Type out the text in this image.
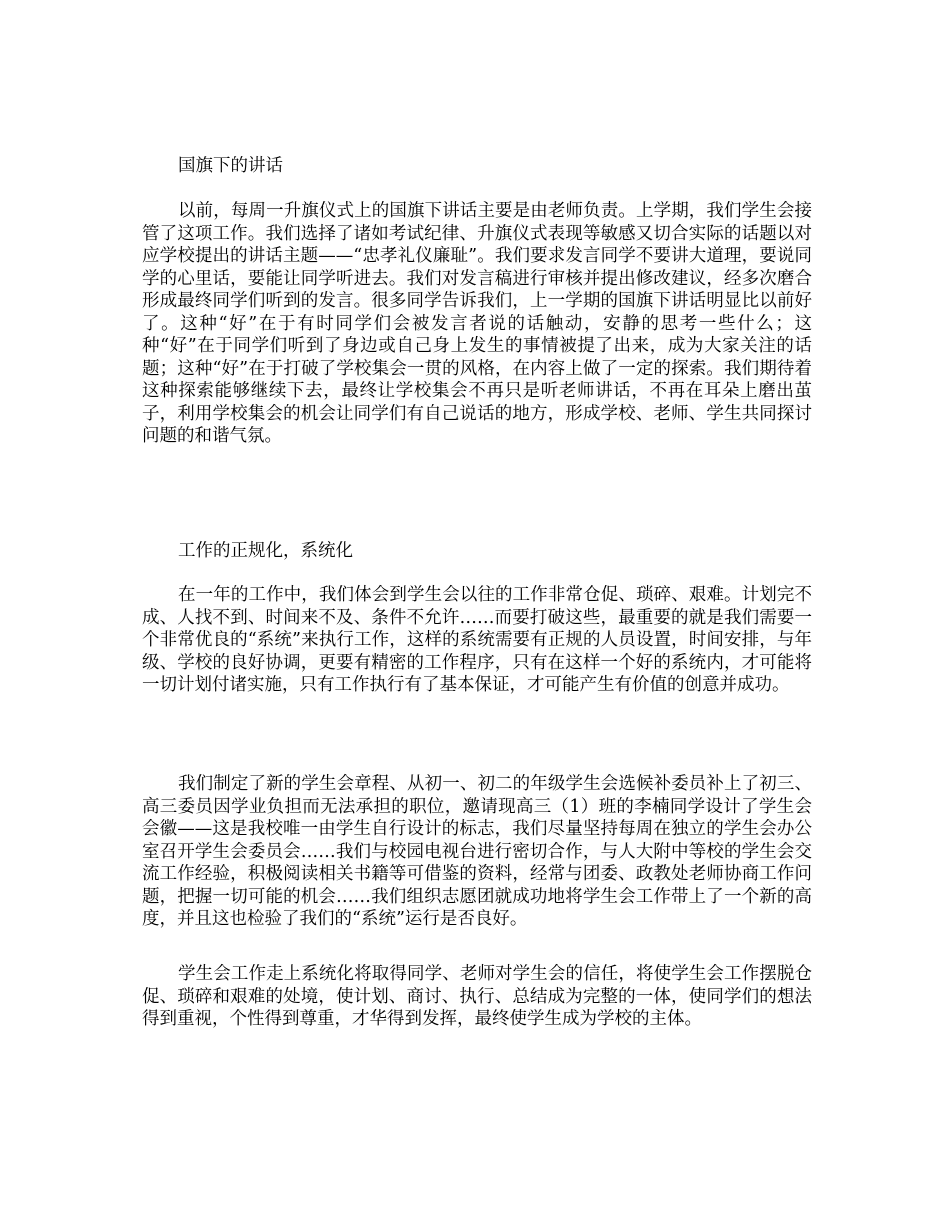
国旗下的讲话

以前，每周一升旗仪式上的国旗下讲话主要是由老师负责。上学期，我们学生会接管了这项工作。我们选择了诸如考试纪律、升旗仪式表现等敏感又切合实际的话题以对应学校提出的讲话主题——“忠孝礼仪廉耻”。我们要求发言同学不要讲大道理，要说同学的心里话，要能让同学听进去。我们对发言稿进行审核并提出修改建议，经多次磨合形成最终同学们听到的发言。很多同学告诉我们，上一学期的国旗下讲话明显比以前好了。这种“好”在于有时同学们会被发言者说的话触动，安静的思考一些什么；这种“好”在于同学们听到了身边或自己身上发生的事情被提了出来，成为大家关注的话题；这种“好”在于打破了学校集会一贯的风格，在内容上做了一定的探索。我们期待着这种探索能够继续下去，最终让学校集会不再只是听老师讲话，不再在耳朵上磨出茧子，利用学校集会的机会让同学们有自己说话的地方，形成学校、老师、学生共同探讨问题的和谐气氛。

工作的正规化，系统化

在一年的工作中，我们体会到学生会以往的工作非常仓促、琐碎、艰难。计划完不成、人找不到、时间来不及、条件不允许……而要打破这些，最重要的就是我们需要一个非常优良的“系统”来执行工作，这样的系统需要有正规的人员设置，时间安排，与年级、学校的良好协调，更要有精密的工作程序，只有在这样一个好的系统内，才可能将一切计划付诸实施，只有工作执行有了基本保证，才可能产生有价值的创意并成功。

我们制定了新的学生会章程、从初一、初二的年级学生会选候补委员补上了初三、高三委员因学业负担而无法承担的职位，邀请现高三（1）班的李楠同学设计了学生会会徽——这是我校唯一由学生自行设计的标志，我们尽量坚持每周在独立的学生会办公室召开学生会委员会……我们与校园电视台进行密切合作，与人大附中等校的学生会交流工作经验，积极阅读相关书籍等可借鉴的资料，经常与团委、政教处老师协商工作问题，把握一切可能的机会……我们组织志愿团就成功地将学生会工作带上了一个新的高度，并且这也检验了我们的“系统”运行是否良好。

学生会工作走上系统化将取得同学、老师对学生会的信任，将使学生会工作摆脱仓促、琐碎和艰难的处境，使计划、商讨、执行、总结成为完整的一体，使同学们的想法得到重视，个性得到尊重，才华得到发挥，最终使学生成为学校的主体。
